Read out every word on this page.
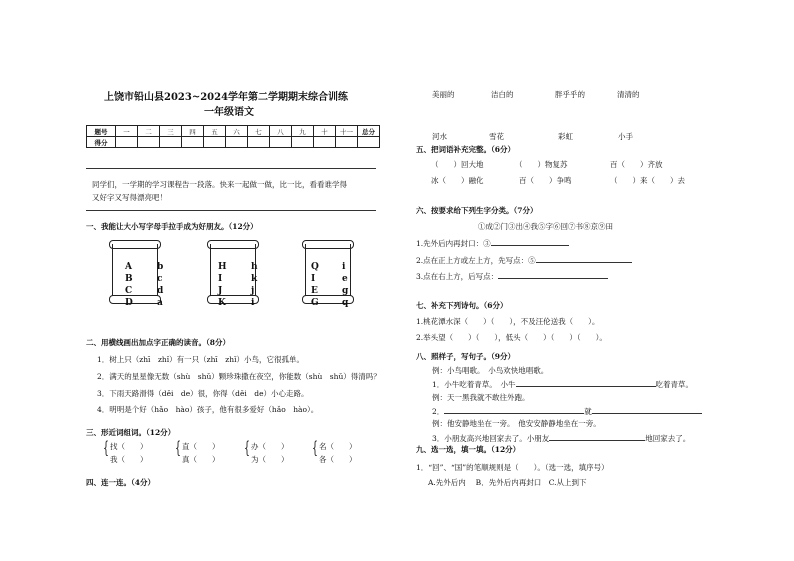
上饶市铅山县2023~2024学年第二学期期末综合训练
一年级语文
题号	一	二	三	四	五	六	七	八	九	十	十一	总分
得分												
同学们，一学期的学习课程告一段落。快来一起做一做，比一比，看看谁学得
又好字又写得漂亮吧！
一、我能让大小写字母手拉手成为好朋友。（12分）
A
B
C
D
b
c
d
a
H
I
J
K
h
k
j
i
Q
I
E
G
i
e
g
q
二、用横线画出加点字正确的读音。（8分）
1．树上只（zhī　zhǐ）有一只（zhī　zhǐ）小鸟，它很孤单。
2．满天的星星像无数（shù　shǔ）颗珍珠撒在夜空，你能数（shù　shǔ）得清吗？
3．下雨天路滑得（děi　de）很，你得（děi　de）小心走路。
4．明明是个好（hǎo　hào）孩子，他有很多爱好（hǎo　hào）。
三、形近词组词。（12分）
{ 找（　　）
我（　　）
{ 直（　　）
真（　　）
{ 办（　　）
为（　　）
{ 名（　　）
各（　　）
四、连一连。（4分）
美丽的	洁白的	胖乎乎的	清清的
河水	雪花	彩虹	小手
五、把词语补充完整。（6分）
（　　）回大地	（　　）物复苏	百（　　）齐放
冰（　　）融化	百（　　）争鸣	（　　）来（　　）去
六、按要求给下列生字分类。（7分）
①成②门③出④我⑤字⑥回⑦书⑧京⑨田
1.先外后内再封口：③
2.点在正上方或左上方，先写点：⑤
3.点在右上方，后写点：
七、补充下列诗句。（6分）
1.桃花潭水深（　　）（　　），不及汪伦送我（　　）。
2.举头望（　　）（　　），低头（　　）（　　）（　　）。
八、照样子，写句子。（9分）
例：小鸟唱歌。　小鸟欢快地唱歌。
1．小牛吃着青草。　小牛	吃着青草。
例：天一黑我就不敢往外跑。
2．	就
例：他安静地坐在一旁。　他安安静静地坐在一旁。
3．小朋友高兴地回家去了。小朋友	地回家去了。
九、选一选，填一填。（12分）
1．“回”、“国”的笔顺规则是（　　）。（选一选，填序号）
A.先外后内　 B．先外后内再封口　C.从上到下
